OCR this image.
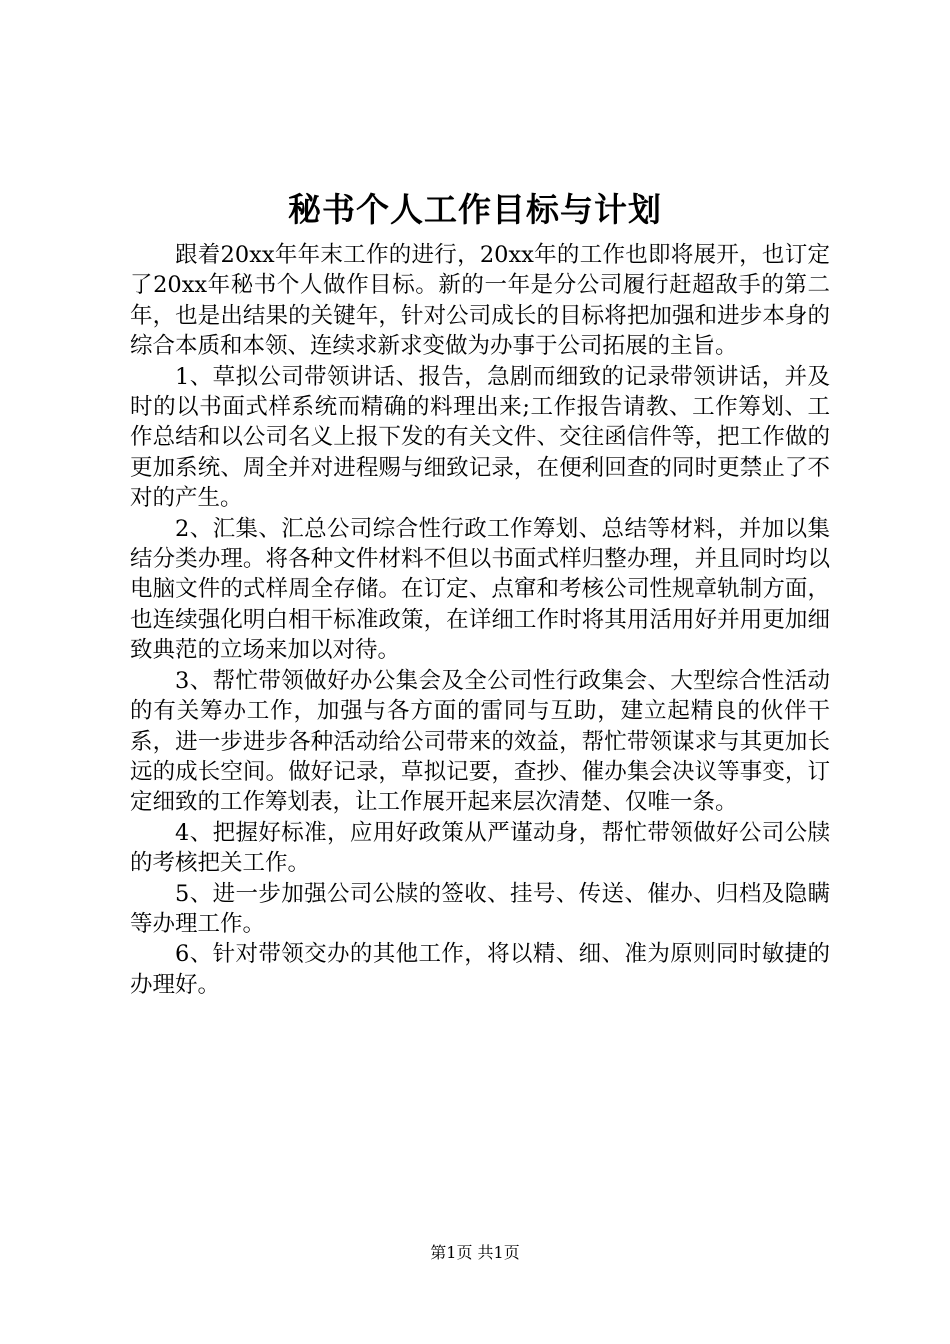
秘书个人工作目标与计划

跟着20xx年年末工作的进行，20xx年的工作也即将展开，也订定了20xx年秘书个人做作目标。新的一年是分公司履行赶超敌手的第二年，也是出结果的关键年，针对公司成长的目标将把加强和进步本身的综合本质和本领、连续求新求变做为办事于公司拓展的主旨。

1、草拟公司带领讲话、报告，急剧而细致的记录带领讲话，并及时的以书面式样系统而精确的料理出来;工作报告请教、工作筹划、工作总结和以公司名义上报下发的有关文件、交往函信件等，把工作做的更加系统、周全并对进程赐与细致记录，在便利回查的同时更禁止了不对的产生。

2、汇集、汇总公司综合性行政工作筹划、总结等材料，并加以集结分类办理。将各种文件材料不但以书面式样归整办理，并且同时均以电脑文件的式样周全存储。在订定、点窜和考核公司性规章轨制方面，也连续强化明白相干标准政策，在详细工作时将其用活用好并用更加细致典范的立场来加以对待。

3、帮忙带领做好办公集会及全公司性行政集会、大型综合性活动的有关筹办工作，加强与各方面的雷同与互助，建立起精良的伙伴干系，进一步进步各种活动给公司带来的效益，帮忙带领谋求与其更加长远的成长空间。做好记录，草拟记要，查抄、催办集会决议等事变，订定细致的工作筹划表，让工作展开起来层次清楚、仅唯一条。

4、把握好标准，应用好政策从严谨动身，帮忙带领做好公司公牍的考核把关工作。

5、进一步加强公司公牍的签收、挂号、传送、催办、归档及隐瞒等办理工作。

6、针对带领交办的其他工作，将以精、细、准为原则同时敏捷的办理好。

第1页 共1页
